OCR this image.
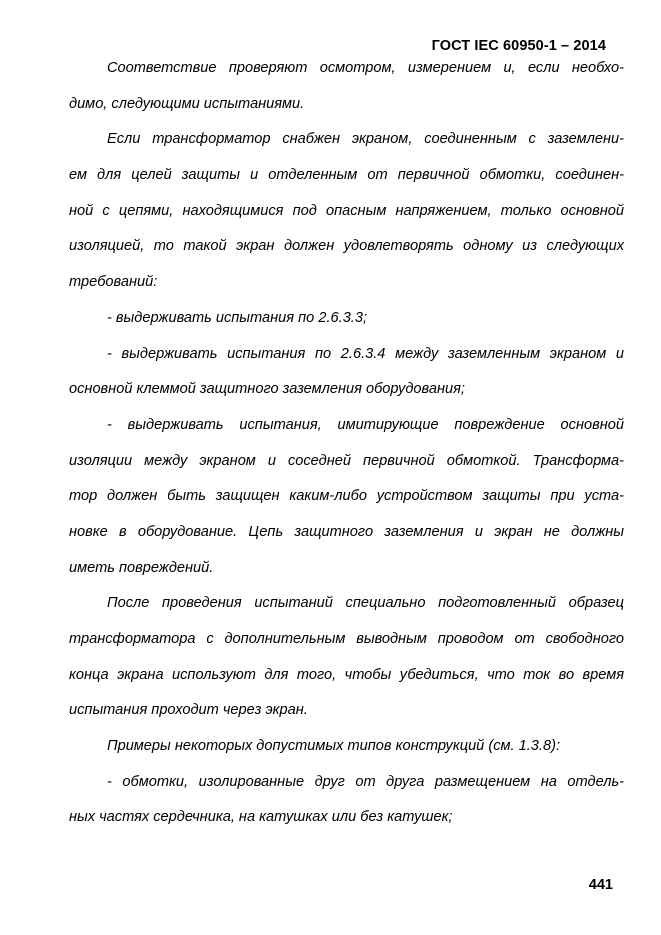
ГОСТ IEC 60950-1 – 2014
Соответствие проверяют осмотром, измерением и, если необхо-
димо, следующими испытаниями.
Если трансформатор снабжен экраном, соединенным с заземлени-
ем для целей защиты и отделенным от первичной обмотки, соединен-
ной с цепями, находящимися под опасным напряжением, только основной
изоляцией, то такой экран должен удовлетворять одному из следующих
требований:
- выдерживать испытания по 2.6.3.3;
- выдерживать испытания по 2.6.3.4 между заземленным экраном и
основной клеммой защитного заземления оборудования;
- выдерживать испытания, имитирующие повреждение основной
изоляции между экраном и соседней первичной обмоткой. Трансформа-
тор должен быть защищен каким-либо устройством защиты при уста-
новке в оборудование. Цепь защитного заземления и экран не должны
иметь повреждений.
После проведения испытаний специально подготовленный образец
трансформатора с дополнительным выводным проводом от свободного
конца экрана используют для того, чтобы убедиться, что ток во время
испытания проходит через экран.
Примеры некоторых допустимых типов конструкций (см. 1.3.8):
- обмотки, изолированные друг от друга размещением на отдель-
ных частях сердечника, на катушках или без катушек;
441
